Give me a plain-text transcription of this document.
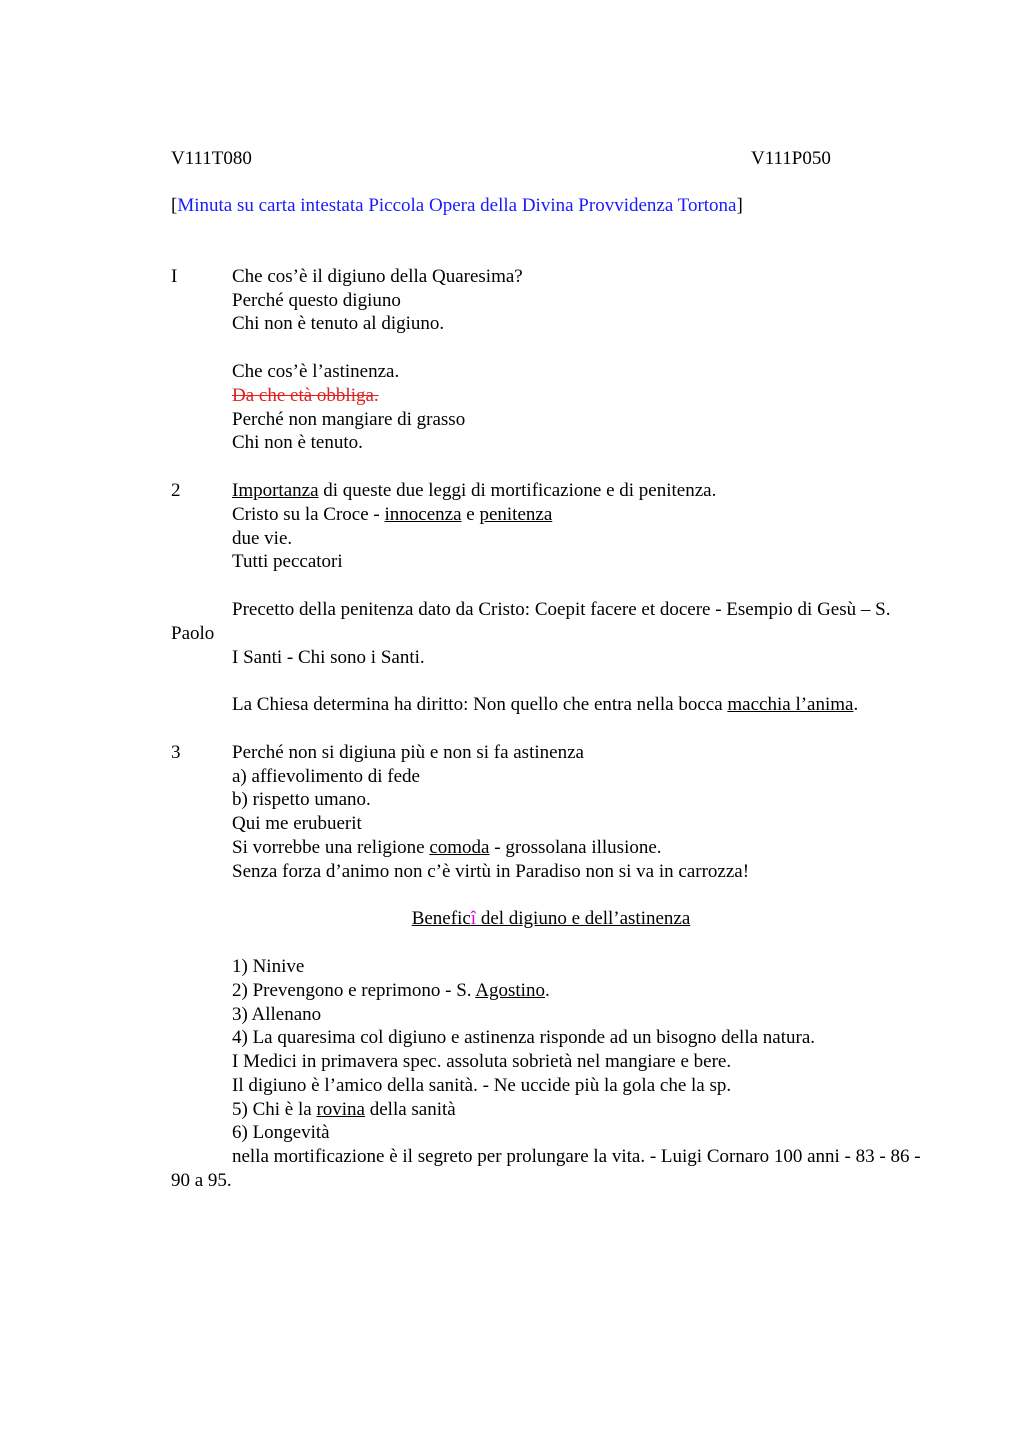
V111T080	V111P050
[Minuta su carta intestata Piccola Opera della Divina Provvidenza Tortona]
I	Che cos’è il digiuno della Quaresima?
Perché questo digiuno
Chi non è tenuto al digiuno.
Che cos’è l’astinenza.
Da che età obbliga.
Perché non mangiare di grasso
Chi non è tenuto.
2	Importanza di queste due leggi di mortificazione e di penitenza.
Cristo su la Croce - innocenza e penitenza
due vie.
Tutti peccatori
Precetto della penitenza dato da Cristo: Coepit facere et docere - Esempio di Gesù – S. Paolo
I Santi - Chi sono i Santi.
La Chiesa determina ha diritto: Non quello che entra nella bocca macchia l’anima.
3	Perché non si digiuna più e non si fa astinenza
a) affievolimento di fede
b) rispetto umano.
Qui me erubuerit
Si vorrebbe una religione comoda - grossolana illusione.
Senza forza d’animo non c’è virtù in Paradiso non si va in carrozza!
Beneficî del digiuno e dell’astinenza
1) Ninive
2) Prevengono e reprimono - S. Agostino.
3) Allenano
4) La quaresima col digiuno e astinenza risponde ad un bisogno della natura.
I Medici in primavera spec. assoluta sobrietà nel mangiare e bere.
Il digiuno è l’amico della sanità. - Ne uccide più la gola che la sp.
5) Chi è la rovina della sanità
6) Longevità
nella mortificazione è il segreto per prolungare la vita. - Luigi Cornaro 100 anni - 83 - 86 - 90 a 95.
